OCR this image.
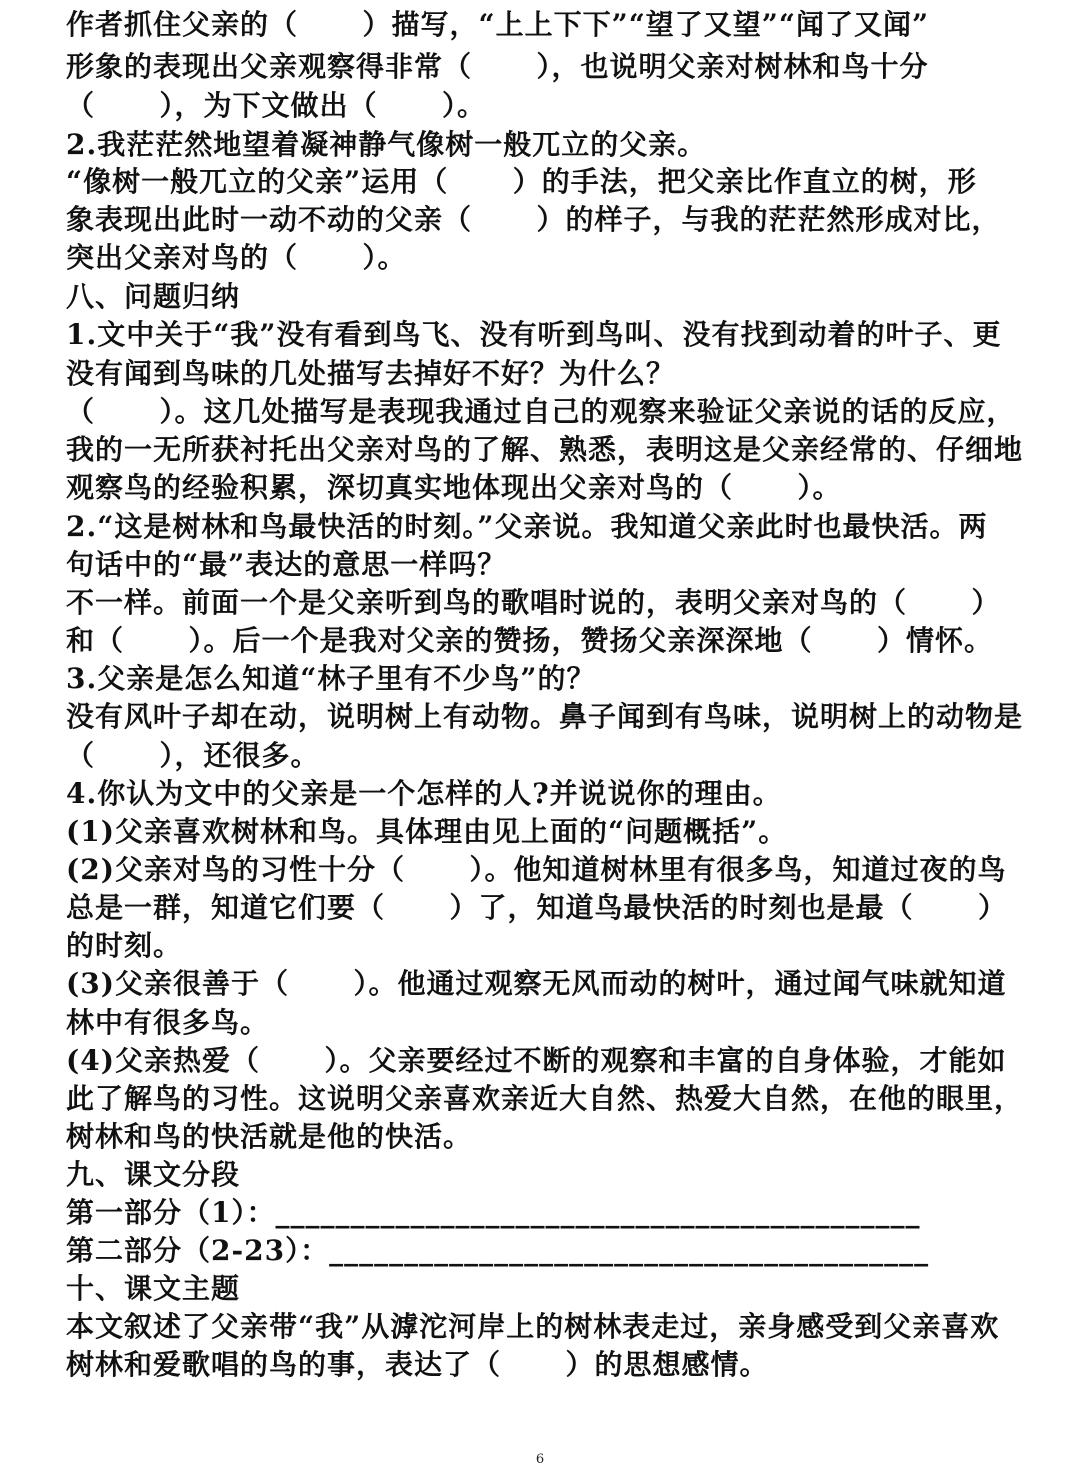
作者抓住父亲的（      ）描写，“上上下下”“望了又望”“闻了又闻”
形象的表现出父亲观察得非常（      ），也说明父亲对树林和鸟十分
（      ），为下文做出（      ）。
2.我茫茫然地望着凝神静气像树一般兀立的父亲。
“像树一般兀立的父亲”运用（      ）的手法，把父亲比作直立的树，形
象表现出此时一动不动的父亲（      ）的样子，与我的茫茫然形成对比，
突出父亲对鸟的（      ）。
八、问题归纳
1.文中关于“我”没有看到鸟飞、没有听到鸟叫、没有找到动着的叶子、更
没有闻到鸟味的几处描写去掉好不好？为什么？
（      ）。这几处描写是表现我通过自己的观察来验证父亲说的话的反应，
我的一无所获衬托出父亲对鸟的了解、熟悉，表明这是父亲经常的、仔细地
观察鸟的经验积累，深切真实地体现出父亲对鸟的（      ）。
2.“这是树林和鸟最快活的时刻。”父亲说。我知道父亲此时也最快活。两
句话中的“最”表达的意思一样吗？
不一样。前面一个是父亲听到鸟的歌唱时说的，表明父亲对鸟的（      ）
和（      ）。后一个是我对父亲的赞扬，赞扬父亲深深地（      ）情怀。
3.父亲是怎么知道“林子里有不少鸟”的？
没有风叶子却在动，说明树上有动物。鼻子闻到有鸟味，说明树上的动物是
（      ），还很多。
4.你认为文中的父亲是一个怎样的人?并说说你的理由。
(1)父亲喜欢树林和鸟。具体理由见上面的“问题概括”。
(2)父亲对鸟的习性十分（      ）。他知道树林里有很多鸟，知道过夜的鸟
总是一群，知道它们要（      ）了，知道鸟最快活的时刻也是最（      ）
的时刻。
(3)父亲很善于（      ）。他通过观察无风而动的树叶，通过闻气味就知道
林中有很多鸟。
(4)父亲热爱（      ）。父亲要经过不断的观察和丰富的自身体验，才能如
此了解鸟的习性。这说明父亲喜欢亲近大自然、热爱大自然，在他的眼里，
树林和鸟的快活就是他的快活。
九、课文分段
第一部分（1）：___________________________________________
第二部分（2-23）：________________________________________
十、课文主题
本文叙述了父亲带“我”从滹沱河岸上的树林表走过，亲身感受到父亲喜欢
树林和爱歌唱的鸟的事，表达了（      ）的思想感情。
6
